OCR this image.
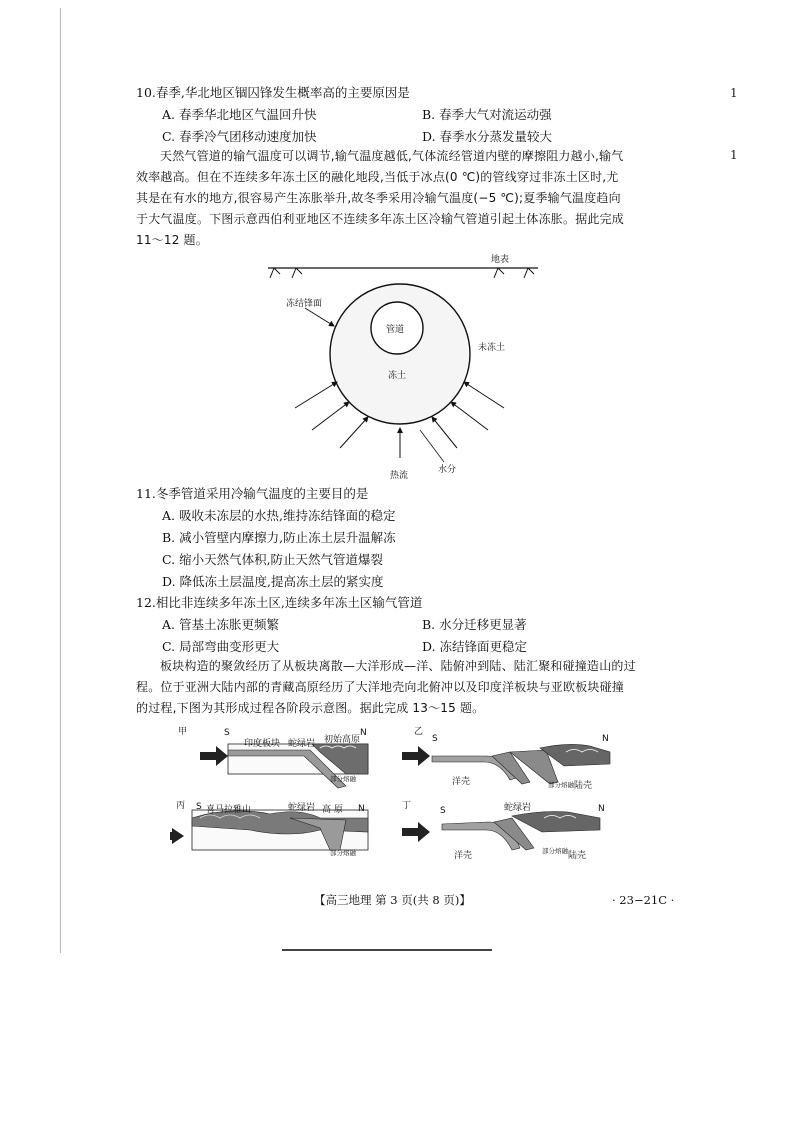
1
1
10.春季,华北地区锢囚锋发生概率高的主要原因是
A. 春季华北地区气温回升快	B. 春季大气对流运动强
C. 春季冷气团移动速度加快	D. 春季水分蒸发量较大

天然气管道的输气温度可以调节,输气温度越低,气体流经管道内壁的摩擦阻力越小,输气

效率越高。但在不连续多年冻土区的融化地段,当低于冰点(0 ℃)的管线穿过非冻土区时,尤

其是在有水的地方,很容易产生冻胀举升,故冬季采用冷输气温度(−5 ℃);夏季输气温度趋向

于大气温度。下图示意西伯利亚地区不连续多年冻土区冷输气管道引起土体冻胀。据此完成

11～12 题。

地表
冻结锋面
管道
未冻土
冻土
热流
水分
11.冬季管道采用冷输气温度的主要目的是
A. 吸收未冻层的水热,维持冻结锋面的稳定
B. 减小管壁内摩擦力,防止冻土层升温解冻
C. 缩小天然气体积,防止天然气管道爆裂
D. 降低冻土层温度,提高冻土层的紧实度
12.相比非连续多年冻土区,连续多年冻土区输气管道
A. 管基土冻胀更频繁	B. 水分迁移更显著
C. 局部弯曲变形更大	D. 冻结锋面更稳定

板块构造的聚敛经历了从板块离散—大洋形成—洋、陆俯冲到陆、陆汇聚和碰撞造山的过

程。位于亚洲大陆内部的青藏高原经历了大洋地壳向北俯冲以及印度洋板块与亚欧板块碰撞

的过程,下图为其形成过程各阶段示意图。据此完成 13～15 题。

甲	S
印度板块 蛇绿岩 初始高原
N
部分熔融
乙
S	N
洋壳	部分熔融 陆壳
丙 S 喜马拉雅山	蛇绿岩 高 原 N
部分熔融
丁	S	蛇绿岩	N
洋壳	部分熔融 陆壳
【高三地理 第 3 页(共 8 页)】	· 23−21C ·
